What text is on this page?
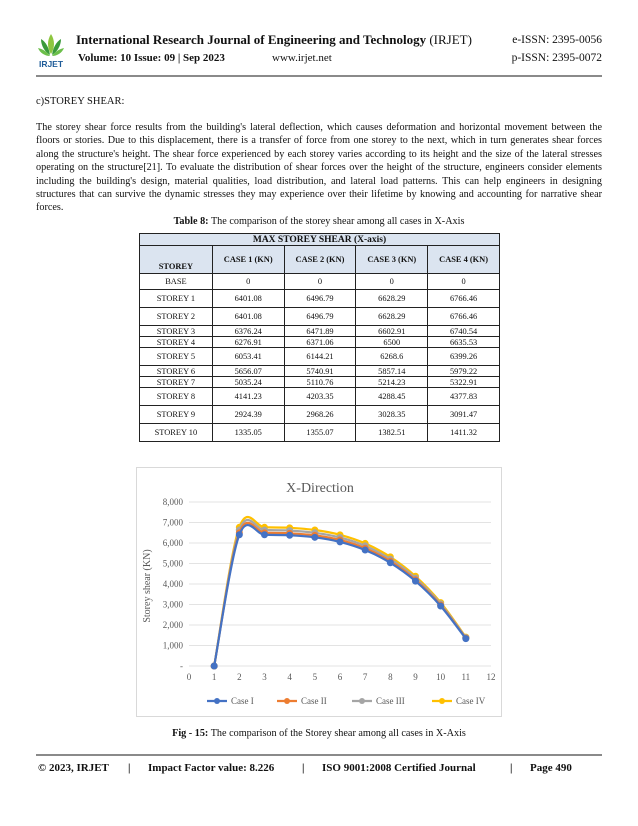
IRJET
International Research Journal of Engineering and Technology (IRJET)	e-ISSN: 2395-0056
Volume: 10 Issue: 09 | Sep 2023	www.irjet.net	p-ISSN: 2395-0072
c)STOREY SHEAR:

The storey shear force results from the building's lateral deflection, which causes deformation and horizontal movement between the floors or stories. Due to this displacement, there is a transfer of force from one storey to the next, which in turn generates shear forces along the structure's height. The shear force experienced by each storey varies according to its height and the size of the lateral stresses operating on the structure[21]. To evaluate the distribution of shear forces over the height of the structure, engineers consider elements including the building's design, material qualities, load distribution, and lateral load patterns. This can help engineers in designing structures that can survive the dynamic stresses they may experience over their lifetime by knowing and accounting for narrative shear forces.

Table 8: The comparison of the storey shear among all cases in X-Axis
MAX STOREY SHEAR (X-axis)				
STOREY	CASE 1 (KN)	CASE 2 (KN)	CASE 3 (KN)	CASE 4 (KN)
BASE	0	0	0	0
STOREY 1	6401.08	6496.79	6628.29	6766.46
STOREY 2	6401.08	6496.79	6628.29	6766.46
STOREY 3	6376.24	6471.89	6602.91	6740.54
STOREY 4	6276.91	6371.06	6500	6635.53
STOREY 5	6053.41	6144.21	6268.6	6399.26
STOREY 6	5656.07	5740.91	5857.14	5979.22
STOREY 7	5035.24	5110.76	5214.23	5322.91
STOREY 8	4141.23	4203.35	4288.45	4377.83
STOREY 9	2924.39	2968.26	3028.35	3091.47
STOREY 10	1335.05	1355.07	1382.51	1411.32
-
1,000
2,000
3,000
4,000
5,000
6,000
7,000
8,000
0 1 2 3 4 5 6 7 8 9 10 11 12
Case I	Case II	Case III	Case IV
X-Direction
Storey shear (KN)
Fig - 15: The comparison of the Storey shear among all cases in X-Axis
© 2023, IRJET | Impact Factor value: 8.226	| ISO 9001:2008 Certified Journal	| Page 490
